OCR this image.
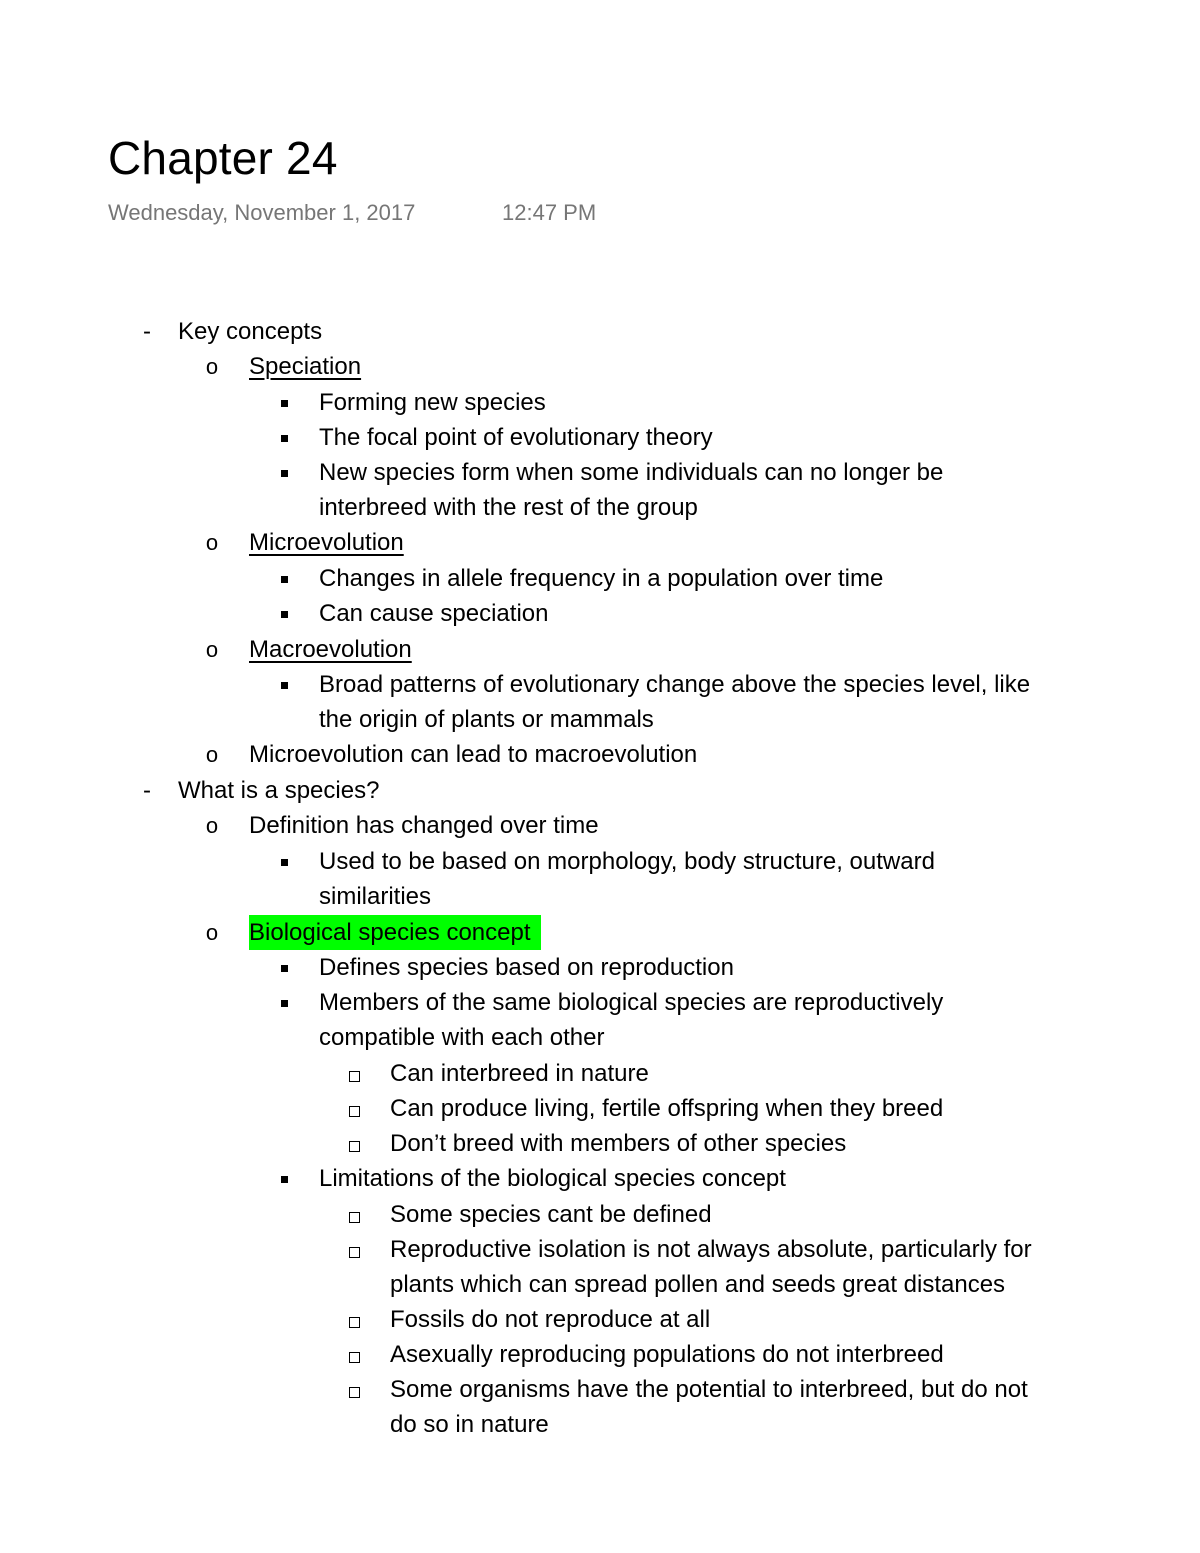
Chapter 24
Wednesday, November 1, 2017	12:47 PM
-	Key concepts
o	Speciation
Forming new species
The focal point of evolutionary theory
New species form when some individuals can no longer be
interbreed with the rest of the group
o	Microevolution
Changes in allele frequency in a population over time
Can cause speciation
o	Macroevolution
Broad patterns of evolutionary change above the species level, like
the origin of plants or mammals
o	Microevolution can lead to macroevolution
-	What is a species?
o	Definition has changed over time
Used to be based on morphology, body structure, outward
similarities
o	Biological species concept
Defines species based on reproduction
Members of the same biological species are reproductively
compatible with each other
Can interbreed in nature
Can produce living, fertile offspring when they breed
Don’t breed with members of other species
Limitations of the biological species concept
Some species cant be defined
Reproductive isolation is not always absolute, particularly for
plants which can spread pollen and seeds great distances
Fossils do not reproduce at all
Asexually reproducing populations do not interbreed
Some organisms have the potential to interbreed, but do not
do so in nature
